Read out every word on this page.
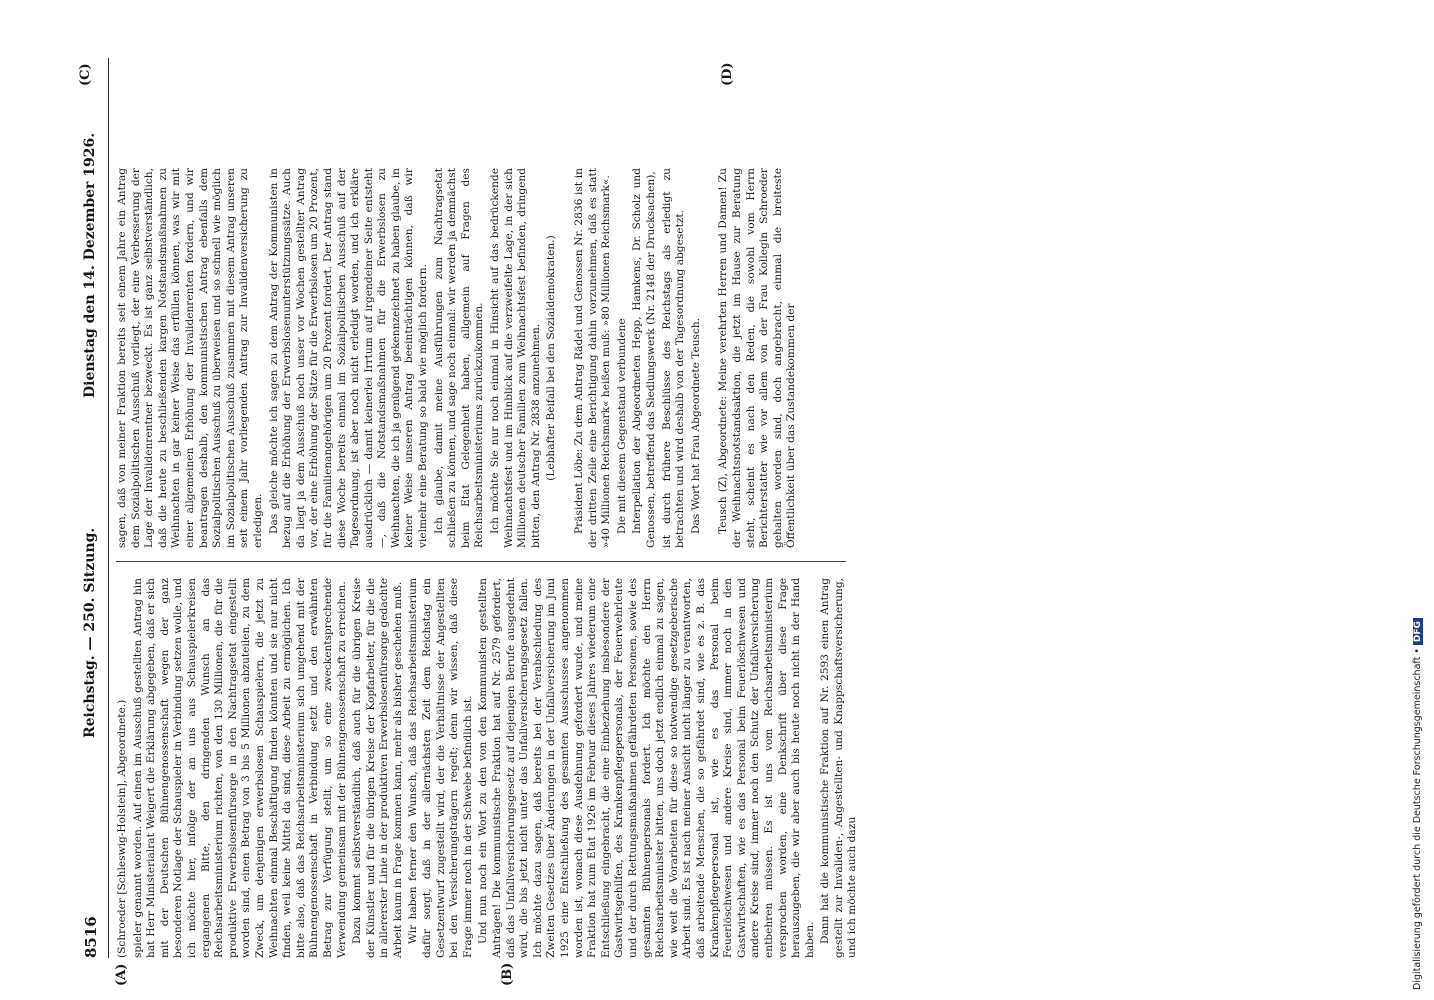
8516
Reichstag. — 250. Sitzung.
Dienstag den 14. Dezember 1926.

(Schroeder [Schleswig-Holstein], Abgeordnete.) spieler genannt worden. Auf einen im Ausschuß gestellten Antrag hin hat Herr Ministerialrat Weigert die Erklärung abgegeben, daß er sich mit der Deutschen Bühnengenossenschaft wegen der ganz besonderen Notlage der Schauspieler in Verbindung setzen wolle, und ich möchte hier, infolge der an uns aus Schauspielerkreisen ergangenen Bitte, den dringenden Wunsch an das Reichsarbeitsministerium richten, von den 130 Millionen, die für die produktive Erwerbslosenfürsorge in den Nachtragsetat eingestellt worden sind, einen Betrag von 3 bis 5 Millionen abzuteilen, zu dem Zweck, um denjenigen erwerbslosen Schauspielern, die jetzt zu Weihnachten einmal Beschäftigung finden könnten und sie nur nicht finden, weil keine Mittel da sind, diese Arbeit zu ermöglichen. Ich bitte also, daß das Reichsarbeitsministerium sich umgehend mit der Bühnengenossenschaft in Verbindung setzt und den erwähnten Betrag zur Verfügung stellt, um so eine zweckentsprechende Verwendung gemeinsam mit der Bühnengenossenschaft zu erreichen. Dazu kommt selbstverständlich, daß auch für die übrigen Kreise der Künstler und für die übrigen Kreise der Kopfarbeiter, für die die in allererster Linie in der produktiven Erwerbslosenfürsorge gedachte Arbeit kaum in Frage kommen kann, mehr als bisher geschehen muß. Wir haben ferner den Wunsch, daß das Reichsarbeitsministerium dafür sorgt, daß in der allernächsten Zeit dem Reichstag ein Gesetzentwurf zugestellt wird, der die Verhältnisse der Angestellten bei den Versicherungsträgern regelt; denn wir wissen, daß diese Frage immer noch in der Schwebe befindlich ist. Und nun noch ein Wort zu den von den Kommunisten gestellten Anträgen! Die kommunistische Fraktion hat auf Nr. 2579 gefordert, daß das Unfallversicherungsgesetz auf diejenigen Berufe ausgedehnt wird, die bis jetzt nicht unter das Unfallversicherungsgesetz fallen. Ich möchte dazu sagen, daß bereits bei der Verabschiedung des Zweiten Gesetzes über Änderungen in der Unfallversicherung im Juni 1925 eine Entschließung des gesamten Ausschusses angenommen worden ist, wonach diese Ausdehnung gefordert wurde, und meine Fraktion hat zum Etat 1926 im Februar dieses Jahres wiederum eine Entschließung eingebracht, die eine Einbeziehung insbesondere der Gastwirtsgehilfen, des Krankenpflegepersonals, der Feuerwehrleute und der durch Rettungsmaßnahmen gefährdeten Personen, sowie des gesamten Bühnenpersonals fordert. Ich möchte den Herrn Reichsarbeitsminister bitten, uns doch jetzt endlich einmal zu sagen, wie weit die Vorarbeiten für diese so notwendige gesetzgeberische Arbeit sind. Es ist nach meiner Ansicht nicht länger zu verantworten, daß arbeitende Menschen, die so gefährdet sind, wie es z. B. das Krankenpflegepersonal ist, wie es das Personal beim Feuerlöschwesen und andere Kreise sind, immer noch in den Gastwirtschaften, wie es das Personal beim Feuerlöschwesen und andere Kreise sind, immer noch den Schutz der Unfallversicherung entbehren müssen. Es ist uns vom Reichsarbeitsministerium versprochen worden, eine Denkschrift über diese Frage herauszugeben, die wir aber auch bis heute noch nicht in der Hand haben. Dann hat die kommunistische Fraktion auf Nr. 2593 einen Antrag gestellt zur Invaliden-, Angestellten- und Knappschaftsversicherung, und ich möchte auch dazu

sagen, daß von meiner Fraktion bereits seit einem Jahre ein Antrag dem Sozialpolitischen Ausschuß vorliegt, der eine Verbesserung der Lage der Invalidenrentner bezweckt. Es ist ganz selbstverständlich, daß die heute zu beschließenden kargen Notstandsmaßnahmen zu Weihnachten in gar keiner Weise das erfüllen können, was wir mit einer allgemeinen Erhöhung der Invalidenrenten fordern, und wir beantragen deshalb, den kommunistischen Antrag ebenfalls dem Sozialpolitischen Ausschuß zu überweisen und so schnell wie möglich im Sozialpolitischen Ausschuß zusammen mit diesem Antrag unseren seit einem Jahr vorliegenden Antrag zur Invalidenversicherung zu erledigen. Das gleiche möchte ich sagen zu dem Antrag der Kommunisten in bezug auf die Erhöhung der Erwerbslosenunterstützungssätze. Auch da liegt ja dem Ausschuß noch unser vor Wochen gestellter Antrag vor, der eine Erhöhung der Sätze für die Erwerbslosen um 20 Prozent, für die Familienangehörigen um 20 Prozent fordert. Der Antrag stand diese Woche bereits einmal im Sozialpolitischen Ausschuß auf der Tagesordnung, ist aber noch nicht erledigt worden, und ich erkläre ausdrücklich — damit keinerlei Irrtum auf irgendeiner Seite entsteht —, daß die Notstandsmaßnahmen für die Erwerbslosen zu Weihnachten, die ich ja genügend gekennzeichnet zu haben glaube, in keiner Weise unseren Antrag beeinträchtigen können, daß wir vielmehr eine Beratung so bald wie möglich fordern. Ich glaube, damit meine Ausführungen zum Nachtragsetat schließen zu können, und sage noch einmal: wir werden ja demnächst beim Etat Gelegenheit haben, allgemein auf Fragen des Reichsarbeitsministeriums zurückzukommen. Ich möchte Sie nur noch einmal in Hinsicht auf das bedrückende Weihnachtsfest und im Hinblick auf die verzweifelte Lage, in der sich Millionen deutscher Familien zum Weihnachtsfest befinden, dringend bitten, den Antrag Nr. 2838 anzunehmen. (Lebhafter Beifall bei den Sozialdemokraten.) Präsident Löbe: Zu dem Antrag Rädel und Genossen Nr. 2836 ist in der dritten Zeile eine Berichtigung dahin vorzunehmen, daß es statt »40 Millionen Reichsmark« heißen muß: »80 Millionen Reichsmark«. Die mit diesem Gegenstand verbundene Interpellation der Abgeordneten Hepp, Hamkens, Dr. Scholz und Genossen, betreffend das Siedlungswerk (Nr. 2148 der Drucksachen), ist durch frühere Beschlüsse des Reichstags als erledigt zu betrachten und wird deshalb von der Tagesordnung abgesetzt. Das Wort hat Frau Abgeordnete Teusch. Teusch (Z), Abgeordnete: Meine verehrten Herren und Damen! Zu der Weihnachtsnotstandsaktion, die jetzt im Hause zur Beratung steht, scheint es nach den Reden, die sowohl vom Herrn Berichterstatter wie vor allem von der Frau Kollegin Schroeder gehalten worden sind, doch angebracht, einmal die breiteste Öffentlichkeit über das Zustandekommen der

(A)	(B)
(C)	(D)
Digitalisierung gefördert durch die Deutsche Forschungsgemeinschaft •DFG
